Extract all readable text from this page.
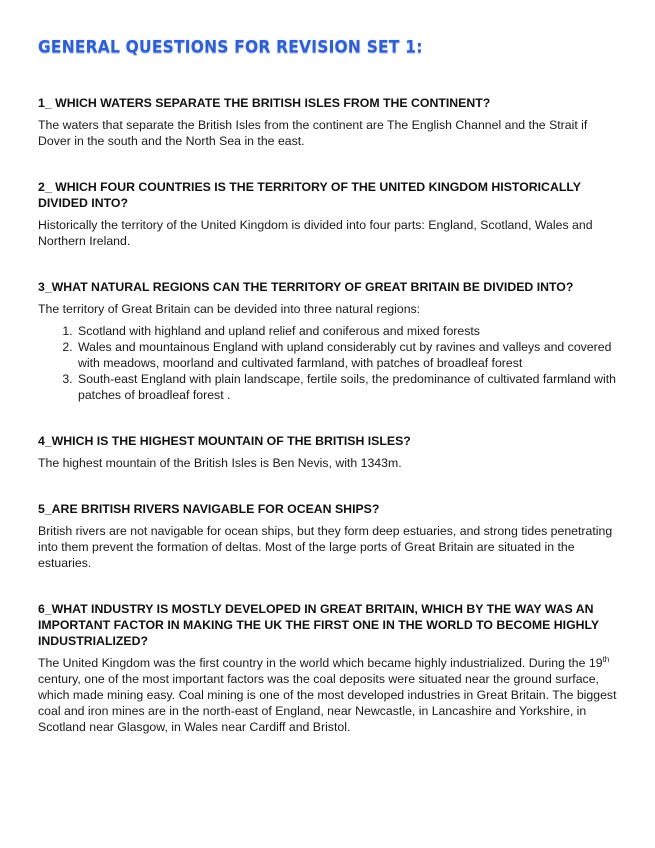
GENERAL QUESTIONS FOR REVISION SET 1:
1_ WHICH WATERS SEPARATE THE BRITISH ISLES FROM THE CONTINENT?

The waters that separate the British Isles from the continent are The English Channel and the Strait if Dover in the south and the North Sea in the east.

2_ WHICH FOUR COUNTRIES IS THE TERRITORY OF THE UNITED KINGDOM HISTORICALLY DIVIDED INTO?

Historically the territory of the United Kingdom is divided into four parts: England, Scotland, Wales and Northern Ireland.

3_WHAT NATURAL REGIONS CAN THE TERRITORY OF GREAT BRITAIN BE DIVIDED INTO?

The territory of Great Britain can be devided into three natural regions:

1. Scotland with highland and upland relief and coniferous and mixed forests
2. Wales and mountainous England with upland considerably cut by ravines and valleys and covered with meadows, moorland and cultivated farmland, with patches of broadleaf forest
3. South-east England with plain landscape, fertile soils, the predominance of cultivated farmland with patches of broadleaf forest .
4_WHICH IS THE HIGHEST MOUNTAIN OF THE BRITISH ISLES?

The highest mountain of the British Isles is Ben Nevis, with 1343m.

5_ARE BRITISH RIVERS NAVIGABLE FOR OCEAN SHIPS?

British rivers are not navigable for ocean ships, but they form deep estuaries, and strong tides penetrating into them prevent the formation of deltas. Most of the large ports of Great Britain are situated in the estuaries.

6_WHAT INDUSTRY IS MOSTLY DEVELOPED IN GREAT BRITAIN, WHICH BY THE WAY WAS AN IMPORTANT FACTOR IN MAKING THE UK THE FIRST ONE IN THE WORLD TO BECOME HIGHLY INDUSTRIALIZED?

The United Kingdom was the first country in the world which became highly industrialized. During the 19th century, one of the most important factors was the coal deposits were situated near the ground surface, which made mining easy. Coal mining is one of the most developed industries in Great Britain. The biggest coal and iron mines are in the north-east of England, near Newcastle, in Lancashire and Yorkshire, in Scotland near Glasgow, in Wales near Cardiff and Bristol.
